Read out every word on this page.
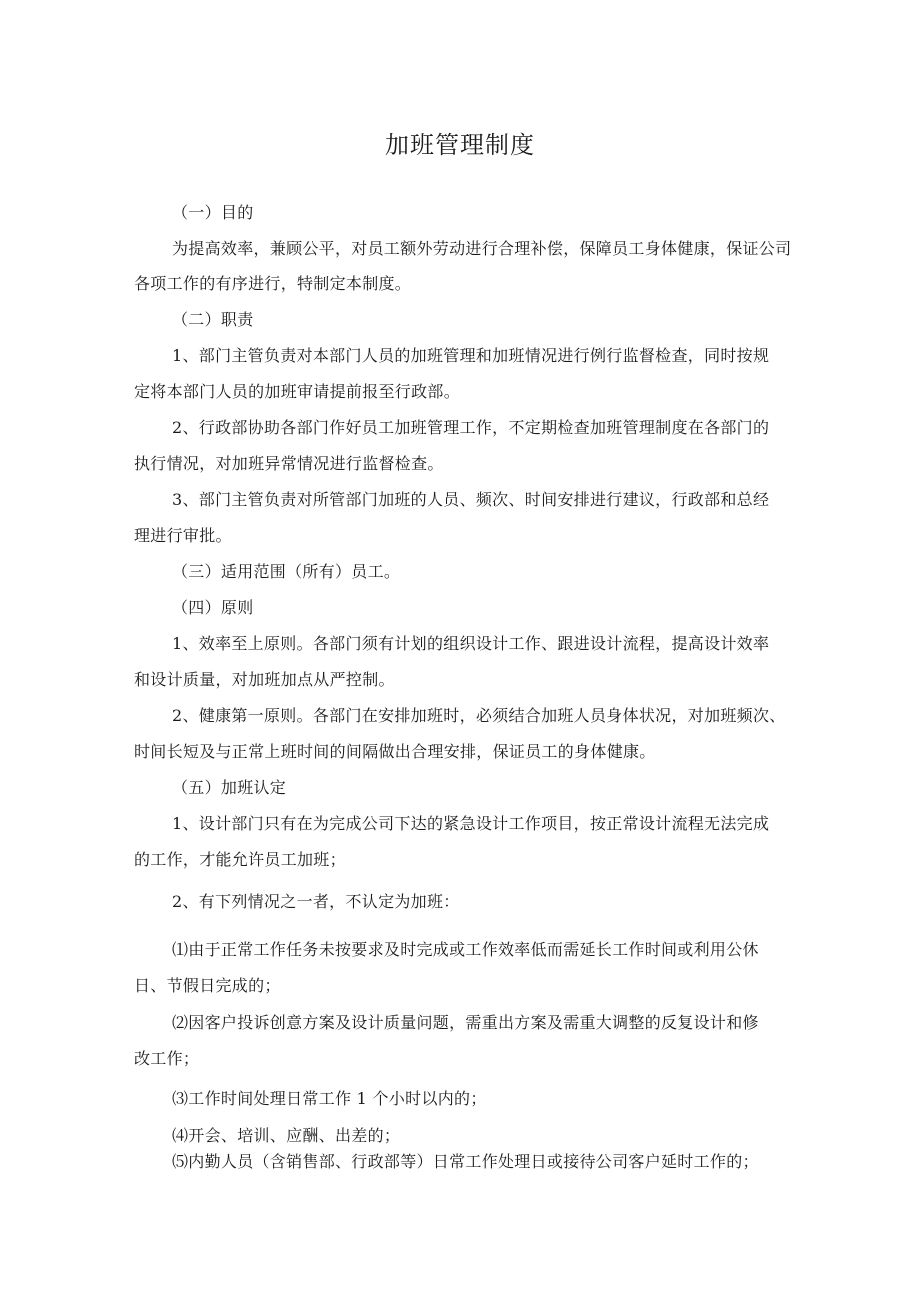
加班管理制度
（一）目的
为提高效率，兼顾公平，对员工额外劳动进行合理补偿，保障员工身体健康，保证公司
各项工作的有序进行，特制定本制度。
（二）职责
1、部门主管负责对本部门人员的加班管理和加班情况进行例行监督检查，同时按规
定将本部门人员的加班审请提前报至行政部。
2、行政部协助各部门作好员工加班管理工作，不定期检查加班管理制度在各部门的
执行情况，对加班异常情况进行监督检查。
3、部门主管负责对所管部门加班的人员、频次、时间安排进行建议，行政部和总经
理进行审批。
（三）适用范围（所有）员工。
（四）原则
1、效率至上原则。各部门须有计划的组织设计工作、跟进设计流程，提高设计效率
和设计质量，对加班加点从严控制。
2、健康第一原则。各部门在安排加班时，必须结合加班人员身体状况，对加班频次、
时间长短及与正常上班时间的间隔做出合理安排，保证员工的身体健康。
（五）加班认定
1、设计部门只有在为完成公司下达的紧急设计工作项目，按正常设计流程无法完成
的工作，才能允许员工加班；
2、有下列情况之一者，不认定为加班：
⑴由于正常工作任务未按要求及时完成或工作效率低而需延长工作时间或利用公休
日、节假日完成的；
⑵因客户投诉创意方案及设计质量问题，需重出方案及需重大调整的反复设计和修
改工作；
⑶工作时间处理日常工作 1 个小时以内的；
⑷开会、培训、应酬、出差的；
⑸内勤人员（含销售部、行政部等）日常工作处理日或接待公司客户延时工作的；
